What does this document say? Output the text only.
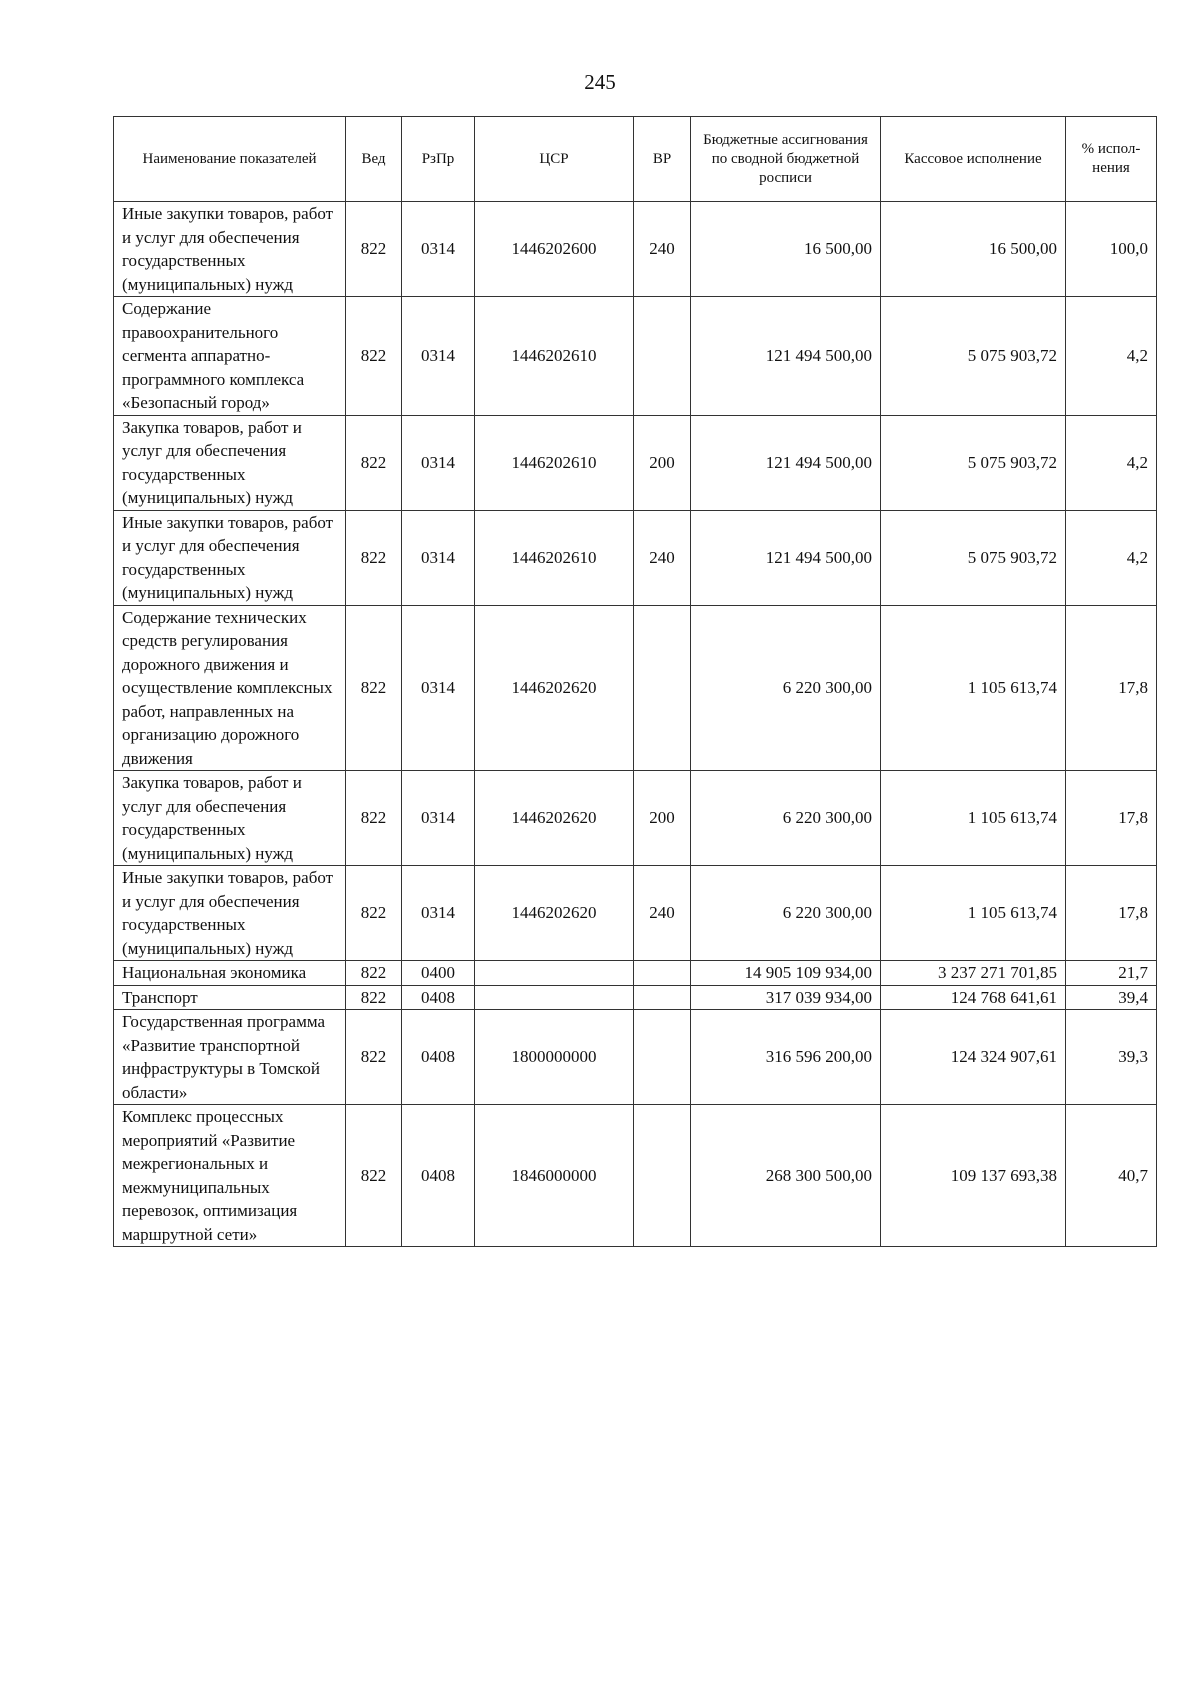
245
Наименование показателей	Вед	РзПр	ЦСР	ВР	Бюджетные ассигнования по сводной бюджетной росписи	Кассовое исполнение	% испол-нения
Иные закупки товаров, работ и услуг для обеспечения государственных (муниципальных) нужд	822	0314	1446202600	240	16 500,00	16 500,00	100,0
Содержание правоохранительного сегмента аппаратно-программного комплекса «Безопасный город»	822	0314	1446202610		121 494 500,00	5 075 903,72	4,2
Закупка товаров, работ и услуг для обеспечения государственных (муниципальных) нужд	822	0314	1446202610	200	121 494 500,00	5 075 903,72	4,2
Иные закупки товаров, работ и услуг для обеспечения государственных (муниципальных) нужд	822	0314	1446202610	240	121 494 500,00	5 075 903,72	4,2
Содержание технических средств регулирования дорожного движения и осуществление комплексных работ, направленных на организацию дорожного движения	822	0314	1446202620		6 220 300,00	1 105 613,74	17,8
Закупка товаров, работ и услуг для обеспечения государственных (муниципальных) нужд	822	0314	1446202620	200	6 220 300,00	1 105 613,74	17,8
Иные закупки товаров, работ и услуг для обеспечения государственных (муниципальных) нужд	822	0314	1446202620	240	6 220 300,00	1 105 613,74	17,8
Национальная экономика	822	0400			14 905 109 934,00	3 237 271 701,85	21,7
Транспорт	822	0408			317 039 934,00	124 768 641,61	39,4
Государственная программа «Развитие транспортной инфраструктуры в Томской области»	822	0408	1800000000		316 596 200,00	124 324 907,61	39,3
Комплекс процессных мероприятий «Развитие межрегиональных и межмуниципальных перевозок, оптимизация маршрутной сети»	822	0408	1846000000		268 300 500,00	109 137 693,38	40,7
